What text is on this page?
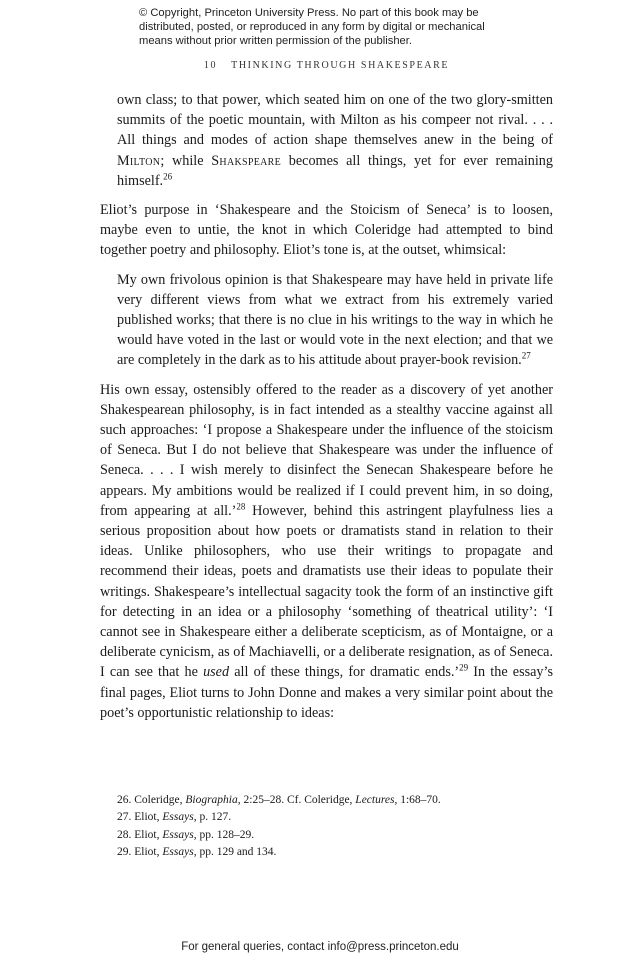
© Copyright, Princeton University Press. No part of this book may be distributed, posted, or reproduced in any form by digital or mechanical means without prior written permission of the publisher.
10 THINKING THROUGH SHAKESPEARE

own class; to that power, which seated him on one of the two glory-smitten summits of the poetic mountain, with Milton as his compeer not rival. . . . All things and modes of action shape themselves anew in the being of Milton; while Shakspeare becomes all things, yet for ever remaining himself.$^{26}$

Eliot’s purpose in ‘Shakespeare and the Stoicism of Seneca’ is to loosen, maybe even to untie, the knot in which Coleridge had attempted to bind together poetry and philosophy. Eliot’s tone is, at the outset, whimsical:

My own frivolous opinion is that Shakespeare may have held in private life very different views from what we extract from his extremely varied published works; that there is no clue in his writings to the way in which he would have voted in the last or would vote in the next election; and that we are completely in the dark as to his attitude about prayer-book revision.$^{27}$

His own essay, ostensibly offered to the reader as a discovery of yet another Shakespearean philosophy, is in fact intended as a stealthy vaccine against all such approaches: ‘I propose a Shakespeare under the influence of the stoicism of Seneca. But I do not believe that Shakespeare was under the influence of Seneca. . . . I wish merely to disinfect the Senecan Shakespeare before he appears. My ambitions would be realized if I could prevent him, in so doing, from appearing at all.’$^{28}$ However, behind this astringent playfulness lies a serious proposition about how poets or dramatists stand in relation to their ideas. Unlike philosophers, who use their writings to propagate and recommend their ideas, poets and dramatists use their ideas to populate their writings. Shakespeare’s intellectual sagacity took the form of an instinctive gift for detecting in an idea or a philosophy ‘something of theatrical utility’: ‘I cannot see in Shakespeare either a deliberate scepticism, as of Montaigne, or a deliberate cynicism, as of Machiavelli, or a deliberate resignation, as of Seneca. I can see that he used all of these things, for dramatic ends.’$^{29}$ In the essay’s final pages, Eliot turns to John Donne and makes a very similar point about the poet’s opportunistic relationship to ideas:

26. Coleridge, Biographia, 2:25–28. Cf. Coleridge, Lectures, 1:68–70.
27. Eliot, Essays, p. 127.
28. Eliot, Essays, pp. 128–29.
29. Eliot, Essays, pp. 129 and 134.
For general queries, contact info@press.princeton.edu
